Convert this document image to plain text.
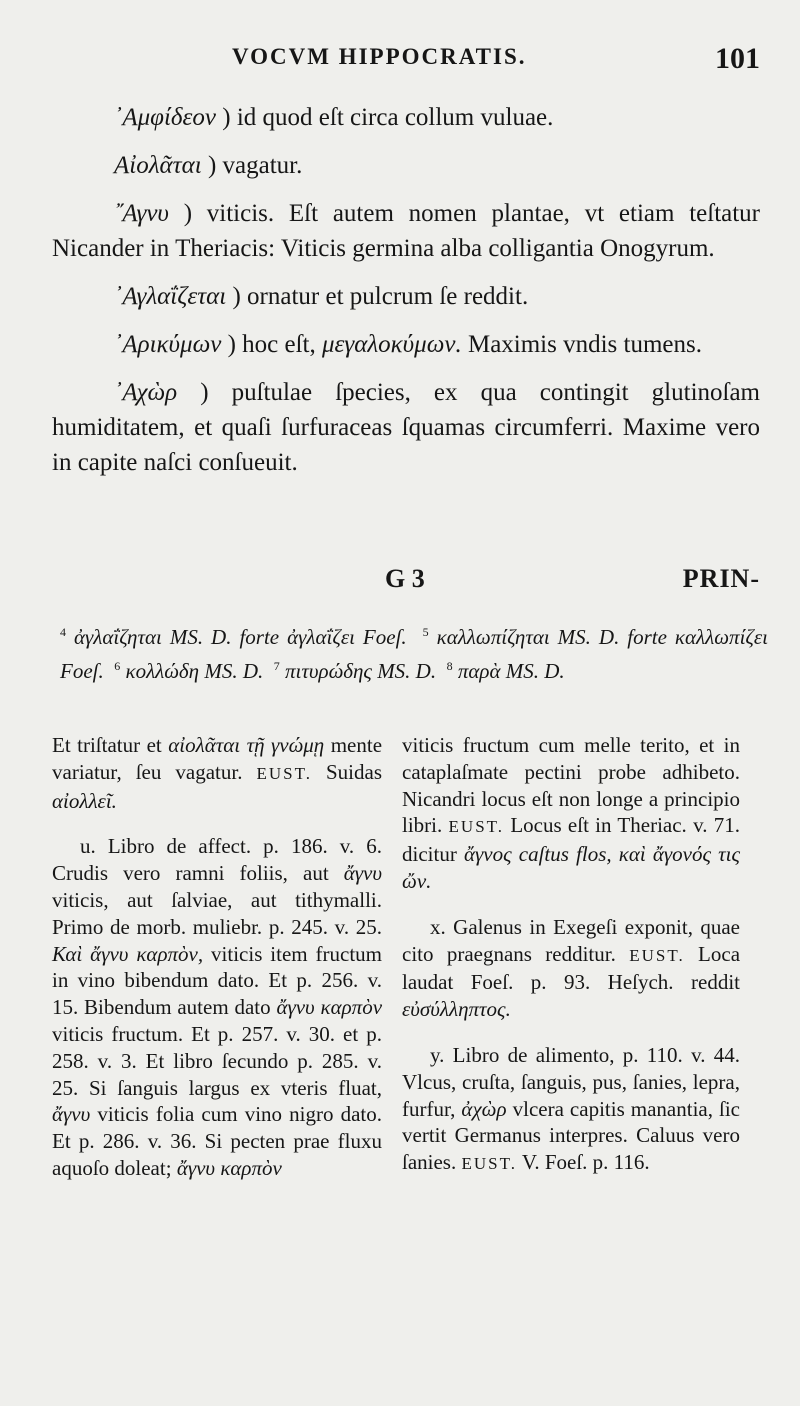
VOCVM HIPPOCRATIS.	101

᾿Αμφίδεον ) id quod eſt circa collum vuluae.

Αἰολᾶται ) vagatur.

῎Αγνυ ) viticis. Eſt autem nomen plantae, vt etiam teſtatur Nicander in Theriacis: Viticis germina alba colligantia Onogyrum.

᾿Αγλαΐζεται ) ornatur et pulcrum ſe reddit.

᾿Αρικύμων ) hoc eſt, μεγαλοκύμων. Maximis vndis tumens.

᾿Αχὼρ ) puſtulae ſpecies, ex qua contingit glutinoſam humiditatem, et quaſi ſurfuraceas ſquamas circumferri. Maxime vero in capite naſci conſueuit.

G 3	PRIN-
$^4$ ἀγλαΐζηται MS. D. forte ἀγλαΐζει Foeſ. $^5$ καλλωπίζηται MS. D. forte καλλωπίζει Foeſ. $^6$ κολλώδη MS. D. $^7$ πιτυρώδης MS. D. $^8$ παρὰ MS. D.

Et triſtatur et αἰολᾶται τῇ γνώμῃ mente variatur, ſeu vagatur. EUST. Suidas αἰολλεῖ.

u. Libro de affect. p. 186. v. 6. Crudis vero ramni foliis, aut ἄγνυ viticis, aut ſalviae, aut tithymalli. Primo de morb. muliebr. p. 245. v. 25. Καὶ ἄγνυ καρπὸν, viticis item fructum in vino bibendum dato. Et p. 256. v. 15. Bibendum autem dato ἄγνυ καρπὸν viticis fructum. Et p. 257. v. 30. et p. 258. v. 3. Et libro ſecundo p. 285. v. 25. Si ſanguis largus ex vteris fluat, ἄγνυ viticis folia cum vino nigro dato. Et p. 286. v. 36. Si pecten prae fluxu aquoſo doleat; ἄγνυ καρπὸν

viticis fructum cum melle terito, et in cataplaſmate pectini probe adhibeto. Nicandri locus eſt non longe a principio libri. EUST. Locus eſt in Theriac. v. 71. dicitur ἄγνος caſtus flos, καὶ ἄγονός τις ὤν.

x. Galenus in Exegeſi exponit, quae cito praegnans redditur. EUST. Loca laudat Foeſ. p. 93. Heſych. reddit εὐσύλληπτος.

y. Libro de alimento, p. 110. v. 44. Vlcus, cruſta, ſanguis, pus, ſanies, lepra, furfur, ἀχὼρ vlcera capitis manantia, ſic vertit Germanus interpres. Caluus vero ſanies. EUST. V. Foeſ. p. 116.
